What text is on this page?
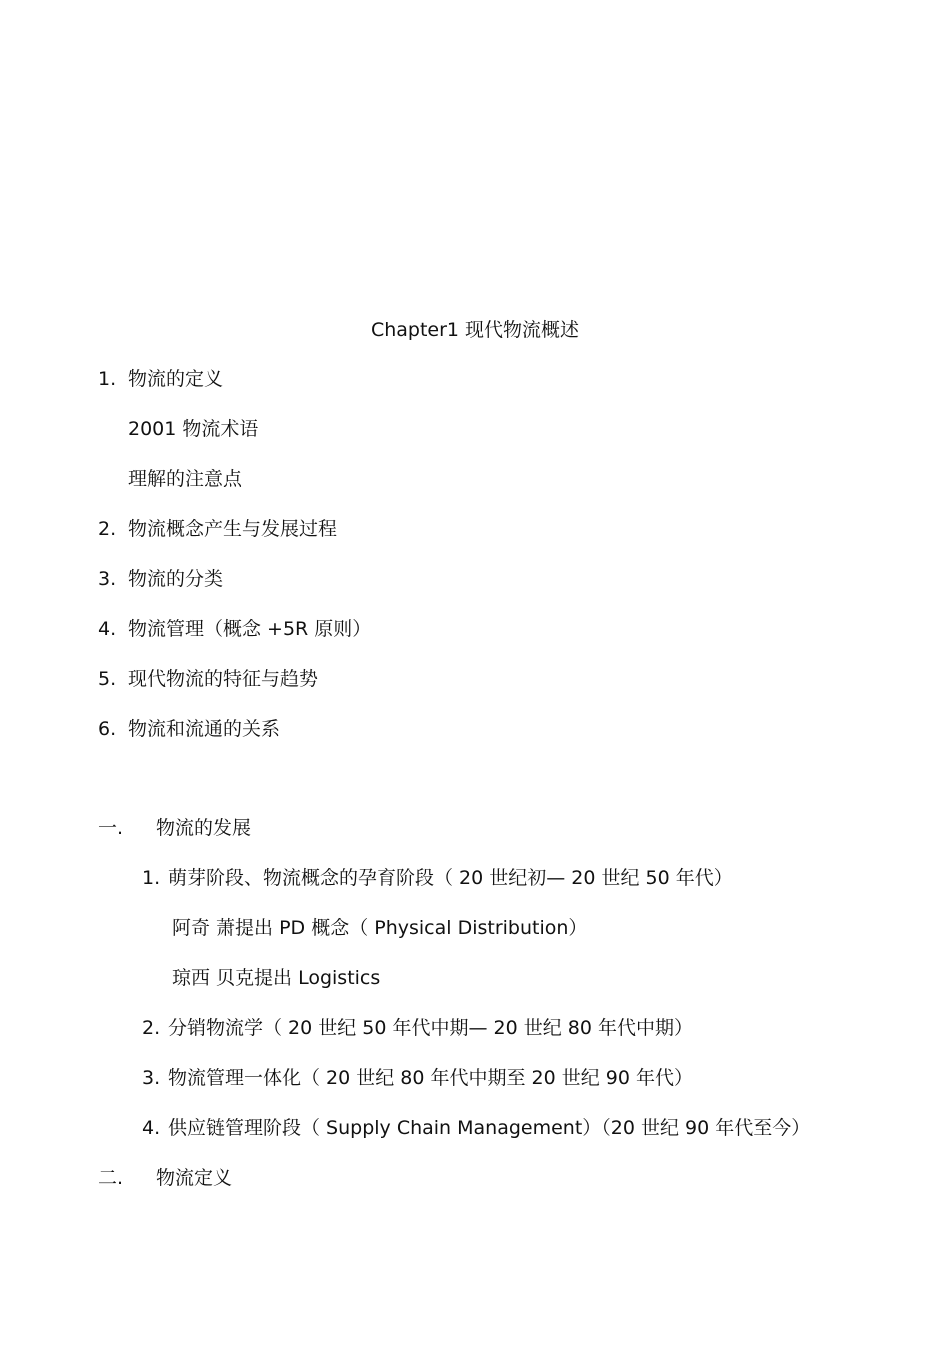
Chapter1 现代物流概述
1. 物流的定义
2001 物流术语
理解的注意点
2. 物流概念产生与发展过程
3. 物流的分类
4. 物流管理（概念 +5R 原则）
5. 现代物流的特征与趋势
6. 物流和流通的关系
一. 物流的发展
1. 萌芽阶段、物流概念的孕育阶段（ 20 世纪初— 20 世纪 50 年代）
阿奇 萧提出 PD 概念（ Physical Distribution）
琼西 贝克提出 Logistics
2. 分销物流学（ 20 世纪 50 年代中期— 20 世纪 80 年代中期）
3. 物流管理一体化（ 20 世纪 80 年代中期至 20 世纪 90 年代）
4. 供应链管理阶段（ Supply Chain Management）（20 世纪 90 年代至今）
二. 物流定义
